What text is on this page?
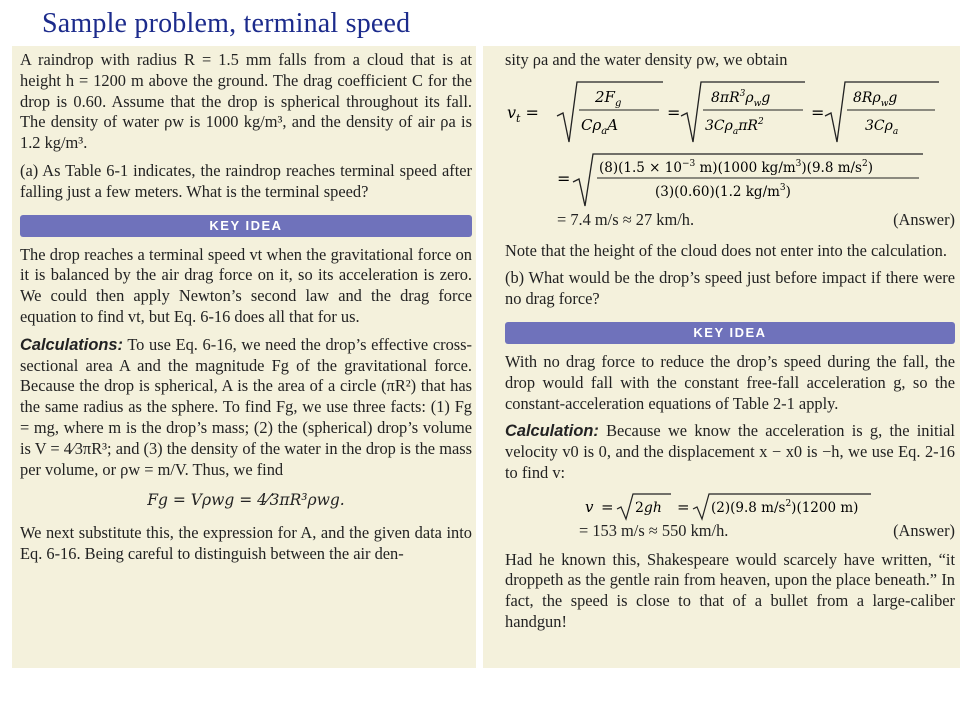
Sample problem, terminal speed

A raindrop with radius R = 1.5 mm falls from a cloud that is at height h = 1200 m above the ground. The drag coefficient C for the drop is 0.60. Assume that the drop is spherical throughout its fall. The density of water ρw is 1000 kg/m³, and the density of air ρa is 1.2 kg/m³.

(a) As Table 6-1 indicates, the raindrop reaches terminal speed after falling just a few meters. What is the terminal speed?

KEY IDEA

The drop reaches a terminal speed vt when the gravitational force on it is balanced by the air drag force on it, so its acceleration is zero. We could then apply Newton’s second law and the drag force equation to find vt, but Eq. 6-16 does all that for us.

Calculations: To use Eq. 6-16, we need the drop’s effective cross-sectional area A and the magnitude Fg of the gravitational force. Because the drop is spherical, A is the area of a circle (πR²) that has the same radius as the sphere. To find Fg, we use three facts: (1) Fg = mg, where m is the drop’s mass; (2) the (spherical) drop’s volume is V = 4⁄3πR³; and (3) the density of the water in the drop is the mass per volume, or ρw = m/V. Thus, we find

Fg = Vρwg = 4⁄3πR³ρwg.

We next substitute this, the expression for A, and the given data into Eq. 6-16. Being careful to distinguish between the air den-

sity ρa and the water density ρw, we obtain

$v_t$ =
$2F_g$
$C\rho_aA$
=
$8\pi R^3\rho_wg$
$3C\rho_a\pi R^2$	=
$8R\rho_wg$
$3C\rho_a$
=
$(8)(1.5 \times 10^{-3}$ m)(1000 $kg/m^3)(9.8$ $m/s^2$)
(3)(0.60)(1.2 $kg/m^3$)
= 7.4 m/s ≈ 27 km/h.	(Answer)

Note that the height of the cloud does not enter into the calculation.

(b) What would be the drop’s speed just before impact if there were no drag force?

KEY IDEA

With no drag force to reduce the drop’s speed during the fall, the drop would fall with the constant free-fall acceleration g, so the constant-acceleration equations of Table 2-1 apply.

Calculation: Because we know the acceleration is g, the initial velocity v0 is 0, and the displacement x − x0 is −h, we use Eq. 2-16 to find v:

v = 2gh = (2)(9.8 $m/s^2)(1200$ m)
= 153 m/s ≈ 550 km/h.	(Answer)

Had he known this, Shakespeare would scarcely have written, “it droppeth as the gentle rain from heaven, upon the place beneath.” In fact, the speed is close to that of a bullet from a large-caliber handgun!
